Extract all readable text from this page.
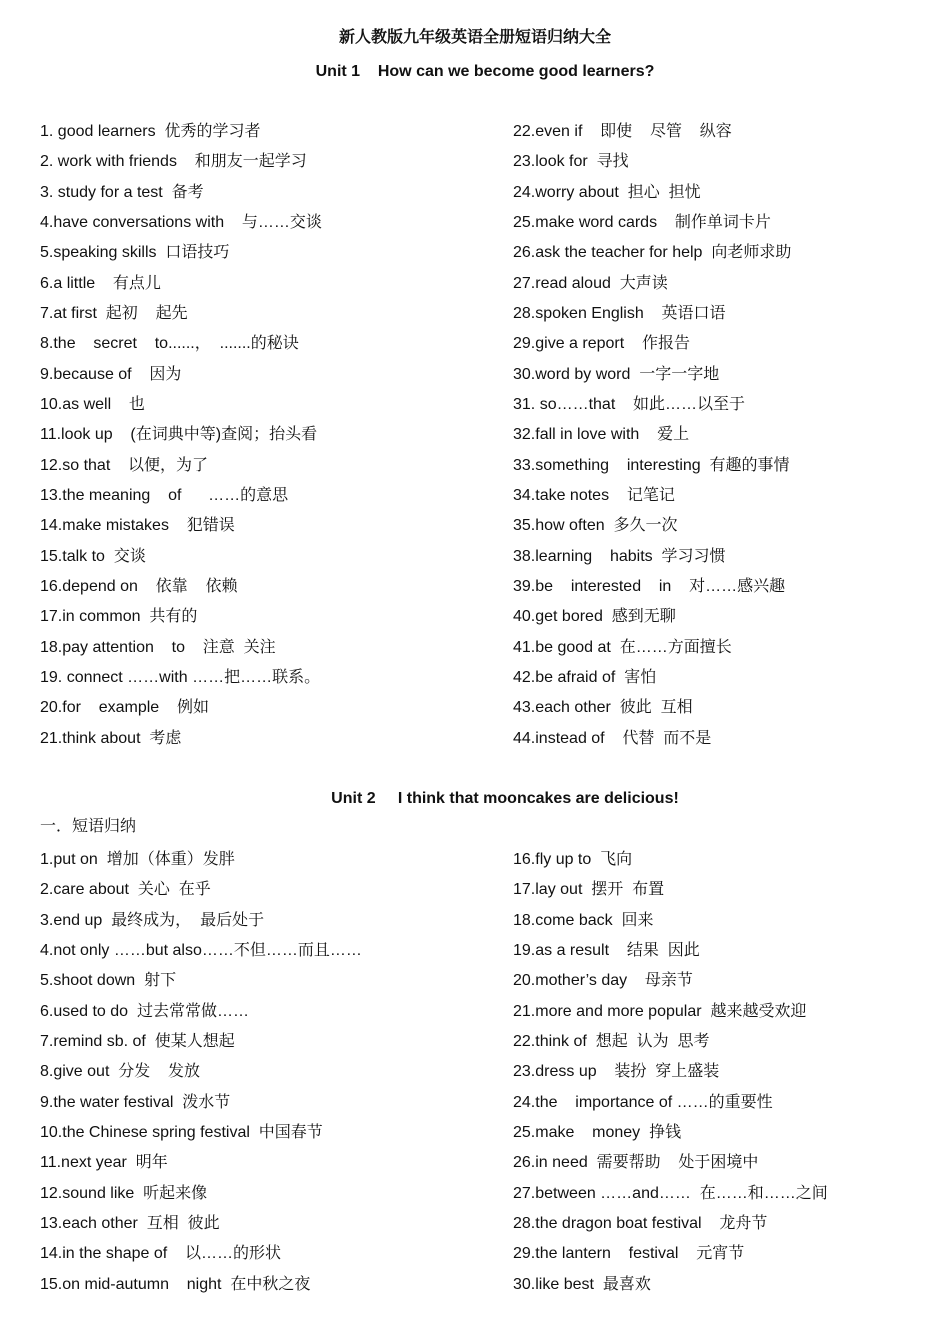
新人教版九年级英语全册短语归纳大全
Unit 1    How can we become good learners?
1. good learners  优秀的学习者
2. work with friends    和朋友一起学习
3. study for a test  备考
4.have conversations with    与……交谈
5.speaking skills  口语技巧
6.a little    有点儿
7.at first  起初    起先
8.the    secret    to......，  .......的秘诀
9.because of    因为
10.as well    也
11.look up    (在词典中等)查阅；抬头看
12.so that    以便，为了
13.the meaning    of      ……的意思
14.make mistakes    犯错误
15.talk to  交谈
16.depend on    依靠    依赖
17.in common  共有的
18.pay attention    to    注意  关注
19. connect ……with ……把……联系。
20.for    example    例如
21.think about  考虑
22.even if    即使    尽管    纵容
23.look for  寻找
24.worry about  担心  担忧
25.make word cards    制作单词卡片
26.ask the teacher for help  向老师求助
27.read aloud  大声读
28.spoken English    英语口语
29.give a report    作报告
30.word by word  一字一字地
31. so……that    如此……以至于
32.fall in love with    爱上
33.something    interesting  有趣的事情
34.take notes    记笔记
35.how often  多久一次
38.learning    habits  学习习惯
39.be    interested    in    对……感兴趣
40.get bored  感到无聊
41.be good at  在……方面擅长
42.be afraid of  害怕
43.each other  彼此  互相
44.instead of    代替  而不是
Unit 2     I think that mooncakes are delicious!
一．短语归纳
1.put on  增加（体重）发胖
2.care about  关心  在乎
3.end up  最终成为，  最后处于
4.not only ……but also……不但……而且……
5.shoot down  射下
6.used to do  过去常常做……
7.remind sb. of  使某人想起
8.give out  分发    发放
9.the water festival  泼水节
10.the Chinese spring festival  中国春节
11.next year  明年
12.sound like  听起来像
13.each other  互相  彼此
14.in the shape of    以……的形状
15.on mid-autumn    night  在中秋之夜
16.fly up to  飞向
17.lay out  摆开  布置
18.come back  回来
19.as a result    结果  因此
20.mother’s day    母亲节
21.more and more popular  越来越受欢迎
22.think of  想起  认为  思考
23.dress up    装扮  穿上盛装
24.the    importance of ……的重要性
25.make    money  挣钱
26.in need  需要帮助    处于困境中
27.between ……and……  在……和……之间
28.the dragon boat festival    龙舟节
29.the lantern    festival    元宵节
30.like best  最喜欢
